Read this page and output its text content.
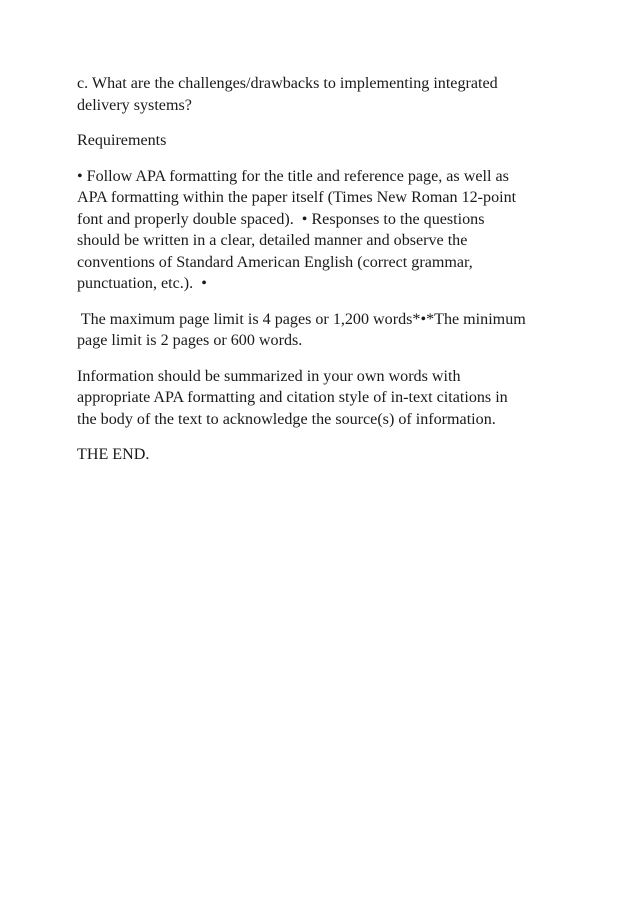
c. What are the challenges/drawbacks to implementing integrated
delivery systems?

Requirements

• Follow APA formatting for the title and reference page, as well as
APA formatting within the paper itself (Times New Roman 12-point
font and properly double spaced).  • Responses to the questions
should be written in a clear, detailed manner and observe the
conventions of Standard American English (correct grammar,
punctuation, etc.).  •

The maximum page limit is 4 pages or 1,200 words*•*The minimum
page limit is 2 pages or 600 words.

Information should be summarized in your own words with
appropriate APA formatting and citation style of in-text citations in
the body of the text to acknowledge the source(s) of information.

THE END.
